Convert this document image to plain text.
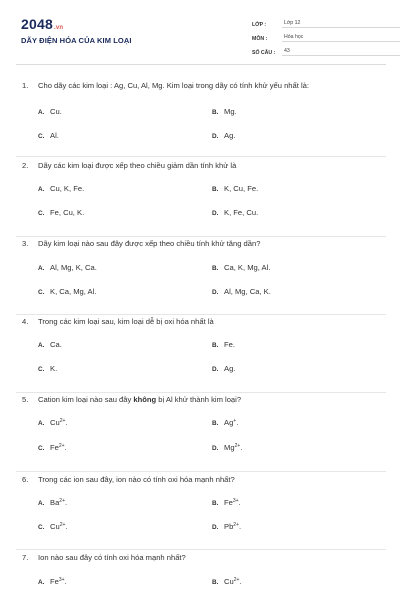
2048.vn
DÃY ĐIỆN HÓA CỦA KIM LOẠI
LỚP :	Lớp 12
MÔN :	Hóa học
SỐ CÂU :	43
1.	Cho dãy các kim loại : Ag, Cu, Al, Mg. Kim loại trong dãy có tính khử yếu nhất là:
A. Cu.	B. Mg.
C. Al.	D. Ag.
2.	Dãy các kim loại được xếp theo chiều giảm dần tính khử là
A. Cu, K, Fe.	B. K, Cu, Fe.
C. Fe, Cu, K.	D. K, Fe, Cu.
3.	Dãy kim loại nào sau đây được xếp theo chiều tính khử tăng dần?
A. Al, Mg, K, Ca.	B. Ca, K, Mg, Al.
C. K, Ca, Mg, Al.	D. Al, Mg, Ca, K.
4.	Trong các kim loại sau, kim loại dễ bị oxi hóa nhất là
A. Ca.	B. Fe.
C. K.	D. Ag.
5.	Cation kim loại nào sau đây không bị Al khử thành kim loại?
A. $Cu^{2+}$.	B. Ag+.
C. $Fe^{2+}$.	D. $Mg^{2+}$.
6.	Trong các ion sau đây, ion nào có tính oxi hóa mạnh nhất?
A. $Ba^{2+}$.	B. $Fe^{3+}$.
C. $Cu^{2+}$.	D. $Pb^{2+}$.
7.	Ion nào sau đây có tính oxi hóa mạnh nhất?
A. $Fe^{3+}$.	B. $Cu^{2+}$.
